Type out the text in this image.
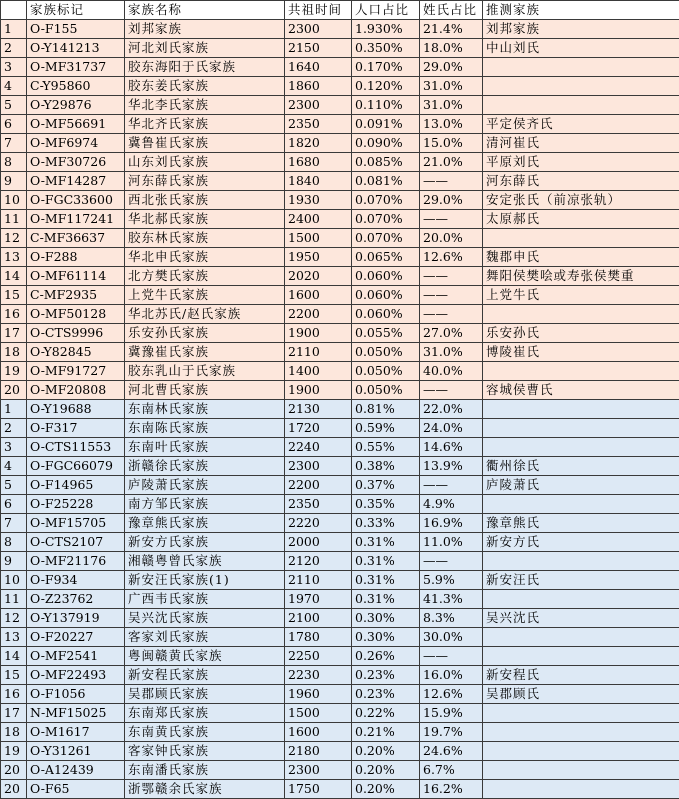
	家族标记	家族名称	共祖时间	人口占比	姓氏占比	推测家族
1	O-F155	刘邦家族	2300	1.930%	21.4%	刘邦家族
2	O-Y141213	河北刘氏家族	2150	0.350%	18.0%	中山刘氏
3	O-MF31737	胶东海阳于氏家族	1640	0.170%	29.0%	
4	C-Y95860	胶东姜氏家族	1860	0.120%	31.0%	
5	O-Y29876	华北李氏家族	2300	0.110%	31.0%	
6	O-MF56691	华北齐氏家族	2350	0.091%	13.0%	平定侯齐氏
7	O-MF6974	冀鲁崔氏家族	1820	0.090%	15.0%	清河崔氏
8	O-MF30726	山东刘氏家族	1680	0.085%	21.0%	平原刘氏
9	O-MF14287	河东薛氏家族	1840	0.081%	——	河东薛氏
10	O-FGC33600	西北张氏家族	1930	0.070%	29.0%	安定张氏（前凉张轨）
11	O-MF117241	华北郝氏家族	2400	0.070%	——	太原郝氏
12	C-MF36637	胶东林氏家族	1500	0.070%	20.0%	
13	O-F288	华北申氏家族	1950	0.065%	12.6%	魏郡申氏
14	O-MF61114	北方樊氏家族	2020	0.060%	——	舞阳侯樊哙或寿张侯樊重
15	C-MF2935	上党牛氏家族	1600	0.060%	——	上党牛氏
16	O-MF50128	华北苏氏/赵氏家族	2200	0.060%	——	
17	O-CTS9996	乐安孙氏家族	1900	0.055%	27.0%	乐安孙氏
18	O-Y82845	冀豫崔氏家族	2110	0.050%	31.0%	博陵崔氏
19	O-MF91727	胶东乳山于氏家族	1400	0.050%	40.0%	
20	O-MF20808	河北曹氏家族	1900	0.050%	——	容城侯曹氏
1	O-Y19688	东南林氏家族	2130	0.81%	22.0%	
2	O-F317	东南陈氏家族	1720	0.59%	24.0%	
3	O-CTS11553	东南叶氏家族	2240	0.55%	14.6%	
4	O-FGC66079	浙赣徐氏家族	2300	0.38%	13.9%	衢州徐氏
5	O-F14965	庐陵萧氏家族	2200	0.37%	——	庐陵萧氏
6	O-F25228	南方邹氏家族	2350	0.35%	4.9%	
7	O-MF15705	豫章熊氏家族	2220	0.33%	16.9%	豫章熊氏
8	O-CTS2107	新安方氏家族	2000	0.31%	11.0%	新安方氏
9	O-MF21176	湘赣粤曾氏家族	2120	0.31%	——	
10	O-F934	新安汪氏家族(1)	2110	0.31%	5.9%	新安汪氏
11	O-Z23762	广西韦氏家族	1970	0.31%	41.3%	
12	O-Y137919	吴兴沈氏家族	2100	0.30%	8.3%	吴兴沈氏
13	O-F20227	客家刘氏家族	1780	0.30%	30.0%	
14	O-MF2541	粤闽赣黄氏家族	2250	0.26%	——	
15	O-MF22493	新安程氏家族	2230	0.23%	16.0%	新安程氏
16	O-F1056	吴郡顾氏家族	1960	0.23%	12.6%	吴郡顾氏
17	N-MF15025	东南郑氏家族	1500	0.22%	15.9%	
18	O-M1617	东南黄氏家族	1600	0.21%	19.7%	
19	O-Y31261	客家钟氏家族	2180	0.20%	24.6%	
20	O-A12439	东南潘氏家族	2300	0.20%	6.7%	
20	O-F65	浙鄂赣余氏家族	1750	0.20%	16.2%	
